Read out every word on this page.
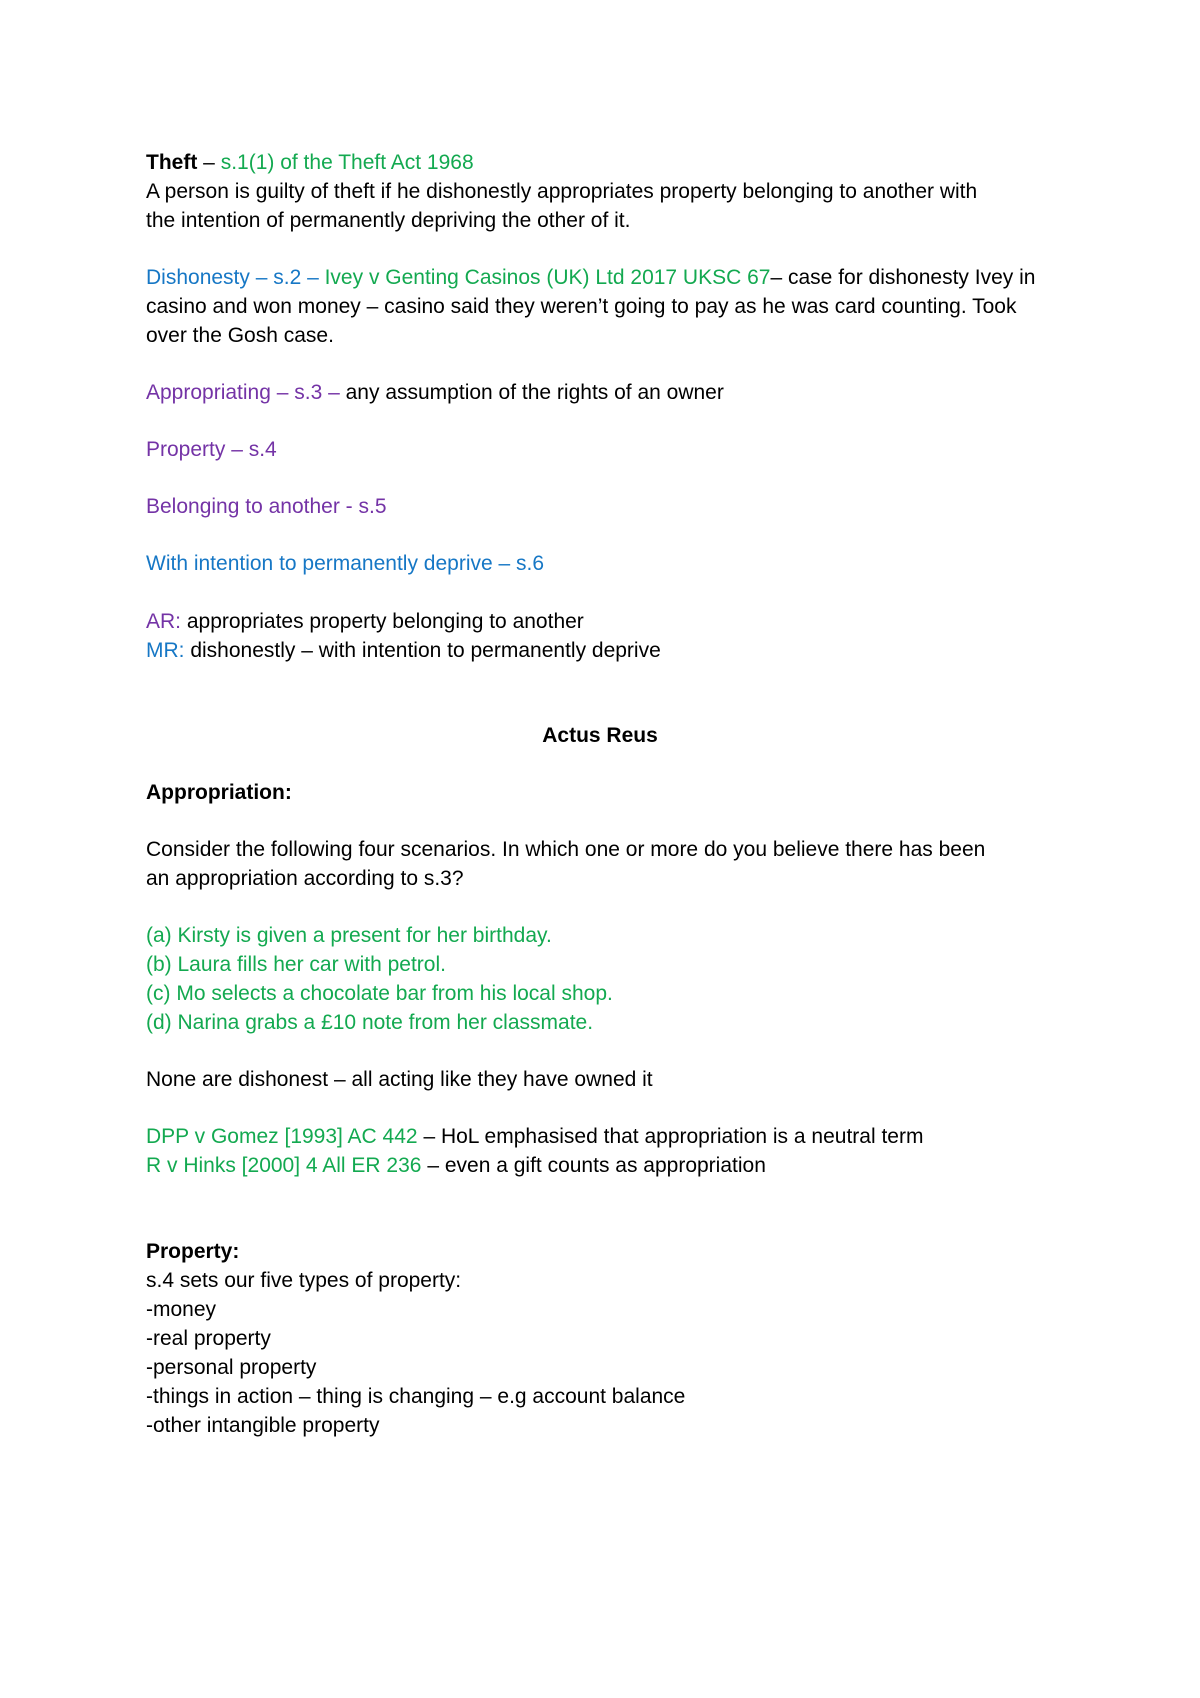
Theft – s.1(1) of the Theft Act 1968
A person is guilty of theft if he dishonestly appropriates property belonging to another with
the intention of permanently depriving the other of it.
Dishonesty – s.2 – Ivey v Genting Casinos (UK) Ltd 2017 UKSC 67– case for dishonesty Ivey in
casino and won money – casino said they weren’t going to pay as he was card counting. Took
over the Gosh case.
Appropriating – s.3 – any assumption of the rights of an owner
Property – s.4
Belonging to another - s.5
With intention to permanently deprive – s.6
AR: appropriates property belonging to another
MR: dishonestly – with intention to permanently deprive
Actus Reus
Appropriation:
Consider the following four scenarios. In which one or more do you believe there has been
an appropriation according to s.3?
(a) Kirsty is given a present for her birthday.
(b) Laura fills her car with petrol.
(c) Mo selects a chocolate bar from his local shop.
(d) Narina grabs a £10 note from her classmate.
None are dishonest – all acting like they have owned it
DPP v Gomez [1993] AC 442 – HoL emphasised that appropriation is a neutral term
R v Hinks [2000] 4 All ER 236 – even a gift counts as appropriation
Property:
s.4 sets our five types of property:
-money
-real property
-personal property
-things in action – thing is changing – e.g account balance
-other intangible property
